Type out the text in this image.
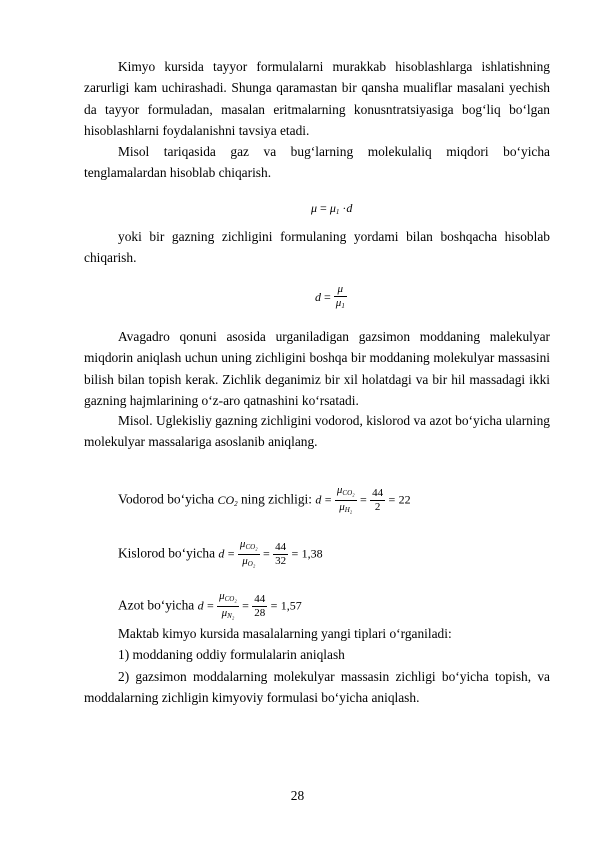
Kimyo kursida tayyor formulalarni murakkab hisoblashlarga ishlatishning zarurligi kam uchirashadi. Shunga qaramastan bir qansha mualiflar masalani yechish da tayyor formuladan, masalan eritmalarning konusntratsiyasiga bog‘liq bo‘lgan hisoblashlarni foydalanishni tavsiya etadi.

Misol tariqasida gaz va bug‘larning molekulaliq miqdori bo‘yicha tenglamalardan hisoblab chiqarish.

$\mu = \mu_1 \cdot d$

yoki bir gazning zichligini formulaning yordami bilan boshqacha hisoblab chiqarish.

$d = \frac{\mu}{\mu_1}$

Avagadro qonuni asosida urganiladigan gazsimon moddaning malekulyar miqdorin aniqlash uchun uning zichligini boshqa bir moddaning molekulyar massasini bilish bilan topish kerak. Zichlik deganimiz bir xil holatdagi va bir hil massadagi ikki gazning hajmlarining o‘z-aro qatnashini ko‘rsatadi.

Misol. Uglekisliy gazning zichligini vodorod, kislorod va azot bo‘yicha ularning molekulyar massalariga asoslanib aniqlang.

Vodorod bo‘yicha $CO_2$ ning zichligi: $d = \frac{\mu_{CO_2}}{\mu_{H_2}} = \frac{44}{2} = 22$
Kislorod bo‘yicha $d = \frac{\mu_{CO_2}}{\mu_{O_2}} = \frac{44}{32} = 1,38$
Azot bo‘yicha $d = \frac{\mu_{CO_2}}{\mu_{N_2}} = \frac{44}{28} = 1,57$

Maktab kimyo kursida masalalarning yangi tiplari o‘rganiladi:

1) moddaning oddiy formulalarin aniqlash

2) gazsimon moddalarning molekulyar massasin zichligi bo‘yicha topish, va moddalarning zichligin kimyoviy formulasi bo‘yicha aniqlash.

28
